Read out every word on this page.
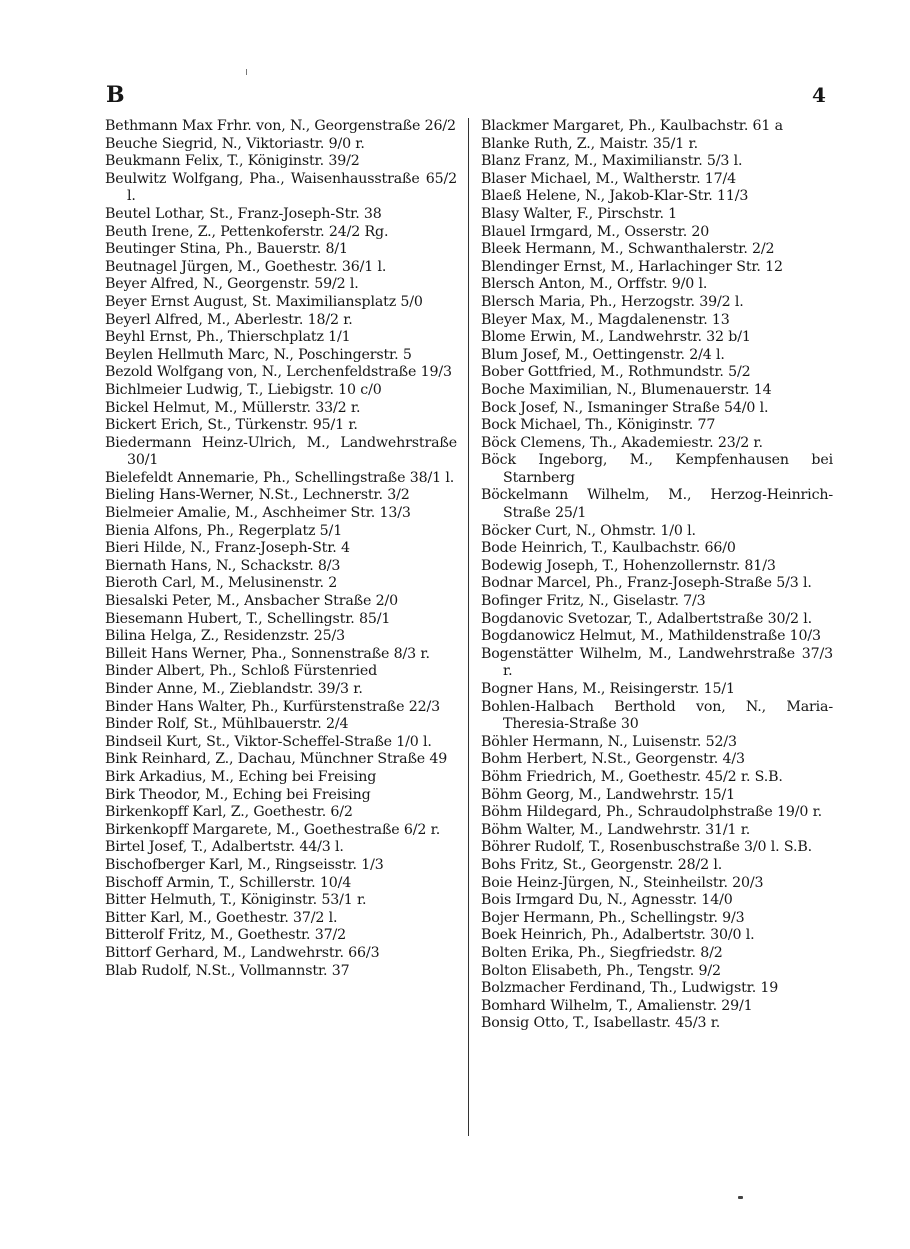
B	4
Bethmann Max Frhr. von, N., Georgenstraße 26/2
Beuche Siegrid, N., Viktoriastr. 9/0 r.
Beukmann Felix, T., Königinstr. 39/2
Beulwitz Wolfgang, Pha., Waisenhausstraße 65/2 l.
Beutel Lothar, St., Franz-Joseph-Str. 38
Beuth Irene, Z., Pettenkoferstr. 24/2 Rg.
Beutinger Stina, Ph., Bauerstr. 8/1
Beutnagel Jürgen, M., Goethestr. 36/1 l.
Beyer Alfred, N., Georgenstr. 59/2 l.
Beyer Ernst August, St. Maximiliansplatz 5/0
Beyerl Alfred, M., Aberlestr. 18/2 r.
Beyhl Ernst, Ph., Thierschplatz 1/1
Beylen Hellmuth Marc, N., Poschingerstr. 5
Bezold Wolfgang von, N., Lerchenfeldstraße 19/3
Bichlmeier Ludwig, T., Liebigstr. 10 c/0
Bickel Helmut, M., Müllerstr. 33/2 r.
Bickert Erich, St., Türkenstr. 95/1 r.
Biedermann Heinz-Ulrich, M., Landwehrstraße 30/1
Bielefeldt Annemarie, Ph., Schellingstraße 38/1 l.
Bieling Hans-Werner, N.St., Lechnerstr. 3/2
Bielmeier Amalie, M., Aschheimer Str. 13/3
Bienia Alfons, Ph., Regerplatz 5/1
Bieri Hilde, N., Franz-Joseph-Str. 4
Biernath Hans, N., Schackstr. 8/3
Bieroth Carl, M., Melusinenstr. 2
Biesalski Peter, M., Ansbacher Straße 2/0
Biesemann Hubert, T., Schellingstr. 85/1
Bilina Helga, Z., Residenzstr. 25/3
Billeit Hans Werner, Pha., Sonnenstraße 8/3 r.
Binder Albert, Ph., Schloß Fürstenried
Binder Anne, M., Zieblandstr. 39/3 r.
Binder Hans Walter, Ph., Kurfürstenstraße 22/3
Binder Rolf, St., Mühlbauerstr. 2/4
Bindseil Kurt, St., Viktor-Scheffel-Straße 1/0 l.
Bink Reinhard, Z., Dachau, Münchner Straße 49
Birk Arkadius, M., Eching bei Freising
Birk Theodor, M., Eching bei Freising
Birkenkopff Karl, Z., Goethestr. 6/2
Birkenkopff Margarete, M., Goethestraße 6/2 r.
Birtel Josef, T., Adalbertstr. 44/3 l.
Bischofberger Karl, M., Ringseisstr. 1/3
Bischoff Armin, T., Schillerstr. 10/4
Bitter Helmuth, T., Königinstr. 53/1 r.
Bitter Karl, M., Goethestr. 37/2 l.
Bitterolf Fritz, M., Goethestr. 37/2
Bittorf Gerhard, M., Landwehrstr. 66/3
Blab Rudolf, N.St., Vollmannstr. 37
Blackmer Margaret, Ph., Kaulbachstr. 61 a
Blanke Ruth, Z., Maistr. 35/1 r.
Blanz Franz, M., Maximilianstr. 5/3 l.
Blaser Michael, M., Waltherstr. 17/4
Blaeß Helene, N., Jakob-Klar-Str. 11/3
Blasy Walter, F., Pirschstr. 1
Blauel Irmgard, M., Osserstr. 20
Bleek Hermann, M., Schwanthalerstr. 2/2
Blendinger Ernst, M., Harlachinger Str. 12
Blersch Anton, M., Orffstr. 9/0 l.
Blersch Maria, Ph., Herzogstr. 39/2 l.
Bleyer Max, M., Magdalenenstr. 13
Blome Erwin, M., Landwehrstr. 32 b/1
Blum Josef, M., Oettingenstr. 2/4 l.
Bober Gottfried, M., Rothmundstr. 5/2
Boche Maximilian, N., Blumenauerstr. 14
Bock Josef, N., Ismaninger Straße 54/0 l.
Bock Michael, Th., Königinstr. 77
Böck Clemens, Th., Akademiestr. 23/2 r.
Böck Ingeborg, M., Kempfenhausen bei Starnberg
Böckelmann Wilhelm, M., Herzog-Heinrich-Straße 25/1
Böcker Curt, N., Ohmstr. 1/0 l.
Bode Heinrich, T., Kaulbachstr. 66/0
Bodewig Joseph, T., Hohenzollernstr. 81/3
Bodnar Marcel, Ph., Franz-Joseph-Straße 5/3 l.
Bofinger Fritz, N., Giselastr. 7/3
Bogdanovic Svetozar, T., Adalbertstraße 30/2 l.
Bogdanowicz Helmut, M., Mathildenstraße 10/3
Bogenstätter Wilhelm, M., Landwehrstraße 37/3 r.
Bogner Hans, M., Reisingerstr. 15/1
Bohlen-Halbach Berthold von, N., Maria-Theresia-Straße 30
Böhler Hermann, N., Luisenstr. 52/3
Bohm Herbert, N.St., Georgenstr. 4/3
Böhm Friedrich, M., Goethestr. 45/2 r. S.B.
Böhm Georg, M., Landwehrstr. 15/1
Böhm Hildegard, Ph., Schraudolphstraße 19/0 r.
Böhm Walter, M., Landwehrstr. 31/1 r.
Böhrer Rudolf, T., Rosenbuschstraße 3/0 l. S.B.
Bohs Fritz, St., Georgenstr. 28/2 l.
Boie Heinz-Jürgen, N., Steinheilstr. 20/3
Bois Irmgard Du, N., Agnesstr. 14/0
Bojer Hermann, Ph., Schellingstr. 9/3
Boek Heinrich, Ph., Adalbertstr. 30/0 l.
Bolten Erika, Ph., Siegfriedstr. 8/2
Bolton Elisabeth, Ph., Tengstr. 9/2
Bolzmacher Ferdinand, Th., Ludwigstr. 19
Bomhard Wilhelm, T., Amalienstr. 29/1
Bonsig Otto, T., Isabellastr. 45/3 r.
